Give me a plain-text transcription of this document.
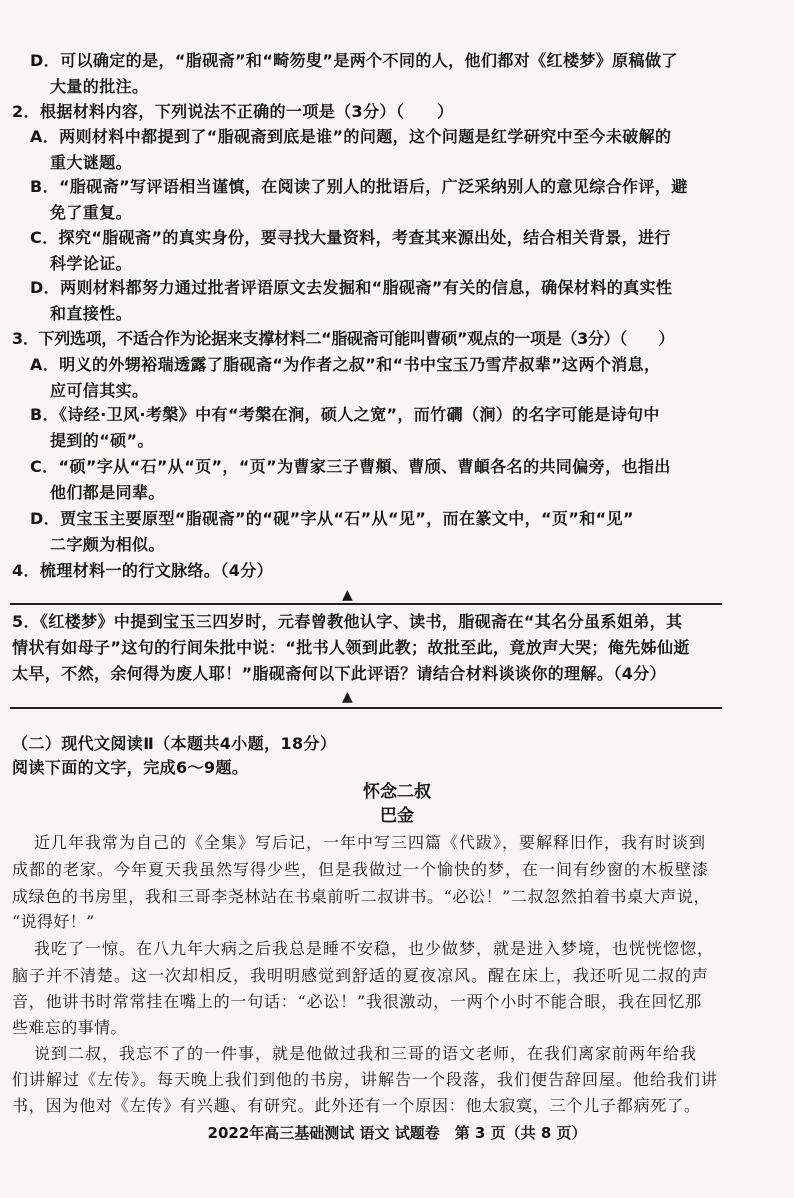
D．可以确定的是，“脂砚斋”和“畸笏叟”是两个不同的人，他们都对《红楼梦》原稿做了
大量的批注。
2．根据材料内容，下列说法不正确的一项是（3分）（　　）
A．两则材料中都提到了“脂砚斋到底是谁”的问题，这个问题是红学研究中至今未破解的
重大谜题。
B．“脂砚斋”写评语相当谨慎，在阅读了别人的批语后，广泛采纳别人的意见综合作评，避
免了重复。
C．探究“脂砚斋”的真实身份，要寻找大量资料，考查其来源出处，结合相关背景，进行
科学论证。
D．两则材料都努力通过批者评语原文去发掘和“脂砚斋”有关的信息，确保材料的真实性
和直接性。
3．下列选项，不适合作为论据来支撑材料二“脂砚斋可能叫曹硕”观点的一项是（3分）（　　）
A．明义的外甥裕瑞透露了脂砚斋“为作者之叔”和“书中宝玉乃雪芹叔辈”这两个消息，
应可信其实。
B．《诗经·卫风·考槃》中有“考槃在涧，硕人之宽”，而竹磵（涧）的名字可能是诗句中
提到的“硕”。
C．“硕”字从“石”从“页”，“页”为曹家三子曹頫、曹颀、曹頔各名的共同偏旁，也指出
他们都是同辈。
D．贾宝玉主要原型“脂砚斋”的“砚”字从“石”从“见”，而在篆文中，“页”和“见”
二字颇为相似。
4．梳理材料一的行文脉络。（4分）
▲
5．《红楼梦》中提到宝玉三四岁时，元春曾教他认字、读书，脂砚斋在“其名分虽系姐弟，其
情状有如母子”这句的行间朱批中说：“批书人领到此教；故批至此，竟放声大哭；俺先姊仙逝
太早，不然，余何得为废人耶！”脂砚斋何以下此评语？请结合材料谈谈你的理解。（4分）
▲
（二）现代文阅读Ⅱ（本题共4小题，18分）
阅读下面的文字，完成6～9题。
怀念二叔
巴金
近几年我常为自己的《全集》写后记，一年中写三四篇《代跋》，要解释旧作，我有时谈到
成都的老家。今年夏天我虽然写得少些，但是我做过一个愉快的梦，在一间有纱窗的木板壁漆
成绿色的书房里，我和三哥李尧林站在书桌前听二叔讲书。“必讼！”二叔忽然拍着书桌大声说，
“说得好！”
我吃了一惊。在八九年大病之后我总是睡不安稳，也少做梦，就是进入梦境，也恍恍惚惚，
脑子并不清楚。这一次却相反，我明明感觉到舒适的夏夜凉风。醒在床上，我还听见二叔的声
音，他讲书时常常挂在嘴上的一句话：“必讼！”我很激动，一两个小时不能合眼，我在回忆那
些难忘的事情。
说到二叔，我忘不了的一件事，就是他做过我和三哥的语文老师，在我们离家前两年给我
们讲解过《左传》。每天晚上我们到他的书房，讲解告一个段落，我们便告辞回屋。他给我们讲
书，因为他对《左传》有兴趣、有研究。此外还有一个原因：他太寂寞，三个儿子都病死了。
2022年高三基础测试 语文 试题卷　第 3 页（共 8 页）
